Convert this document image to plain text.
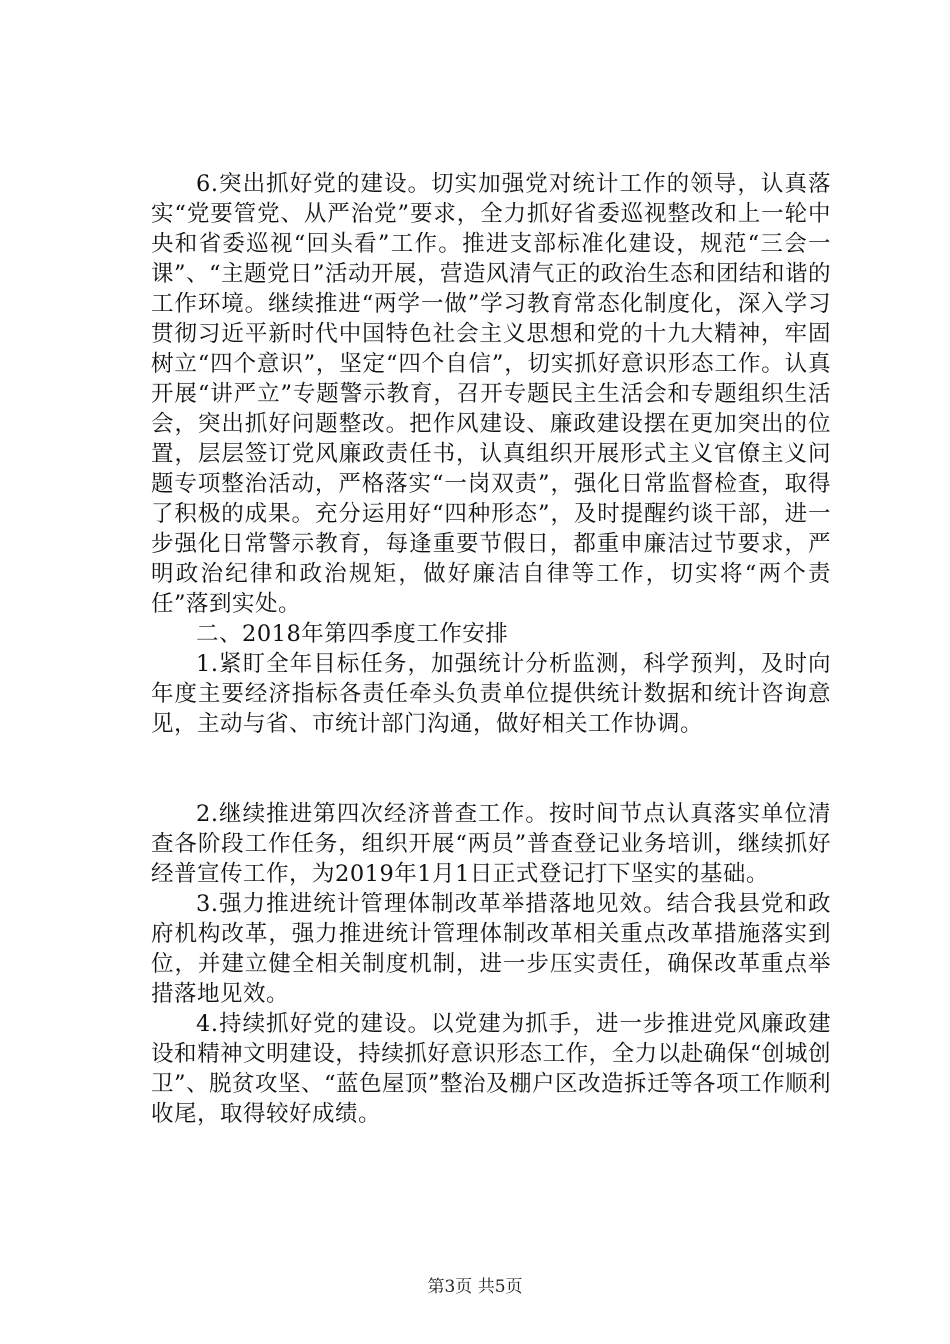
6.突出抓好党的建设。切实加强党对统计工作的领导，认真落实“党要管党、从严治党”要求，全力抓好省委巡视整改和上一轮中央和省委巡视“回头看”工作。推进支部标准化建设，规范“三会一课”、“主题党日”活动开展，营造风清气正的政治生态和团结和谐的工作环境。继续推进“两学一做”学习教育常态化制度化，深入学习贯彻习近平新时代中国特色社会主义思想和党的十九大精神，牢固树立“四个意识”，坚定“四个自信”，切实抓好意识形态工作。认真开展“讲严立”专题警示教育，召开专题民主生活会和专题组织生活会，突出抓好问题整改。把作风建设、廉政建设摆在更加突出的位置，层层签订党风廉政责任书，认真组织开展形式主义官僚主义问题专项整治活动，严格落实“一岗双责”，强化日常监督检查，取得了积极的成果。充分运用好“四种形态”，及时提醒约谈干部，进一步强化日常警示教育，每逢重要节假日，都重申廉洁过节要求，严明政治纪律和政治规矩，做好廉洁自律等工作，切实将“两个责任”落到实处。

二、2018年第四季度工作安排

1.紧盯全年目标任务，加强统计分析监测，科学预判，及时向年度主要经济指标各责任牵头负责单位提供统计数据和统计咨询意见，主动与省、市统计部门沟通，做好相关工作协调。

2.继续推进第四次经济普查工作。按时间节点认真落实单位清查各阶段工作任务，组织开展“两员”普查登记业务培训，继续抓好经普宣传工作，为2019年1月1日正式登记打下坚实的基础。

3.强力推进统计管理体制改革举措落地见效。结合我县党和政府机构改革，强力推进统计管理体制改革相关重点改革措施落实到位，并建立健全相关制度机制，进一步压实责任，确保改革重点举措落地见效。

4.持续抓好党的建设。以党建为抓手，进一步推进党风廉政建设和精神文明建设，持续抓好意识形态工作，全力以赴确保“创城创卫”、脱贫攻坚、“蓝色屋顶”整治及棚户区改造拆迁等各项工作顺利收尾，取得较好成绩。

第3页 共5页
